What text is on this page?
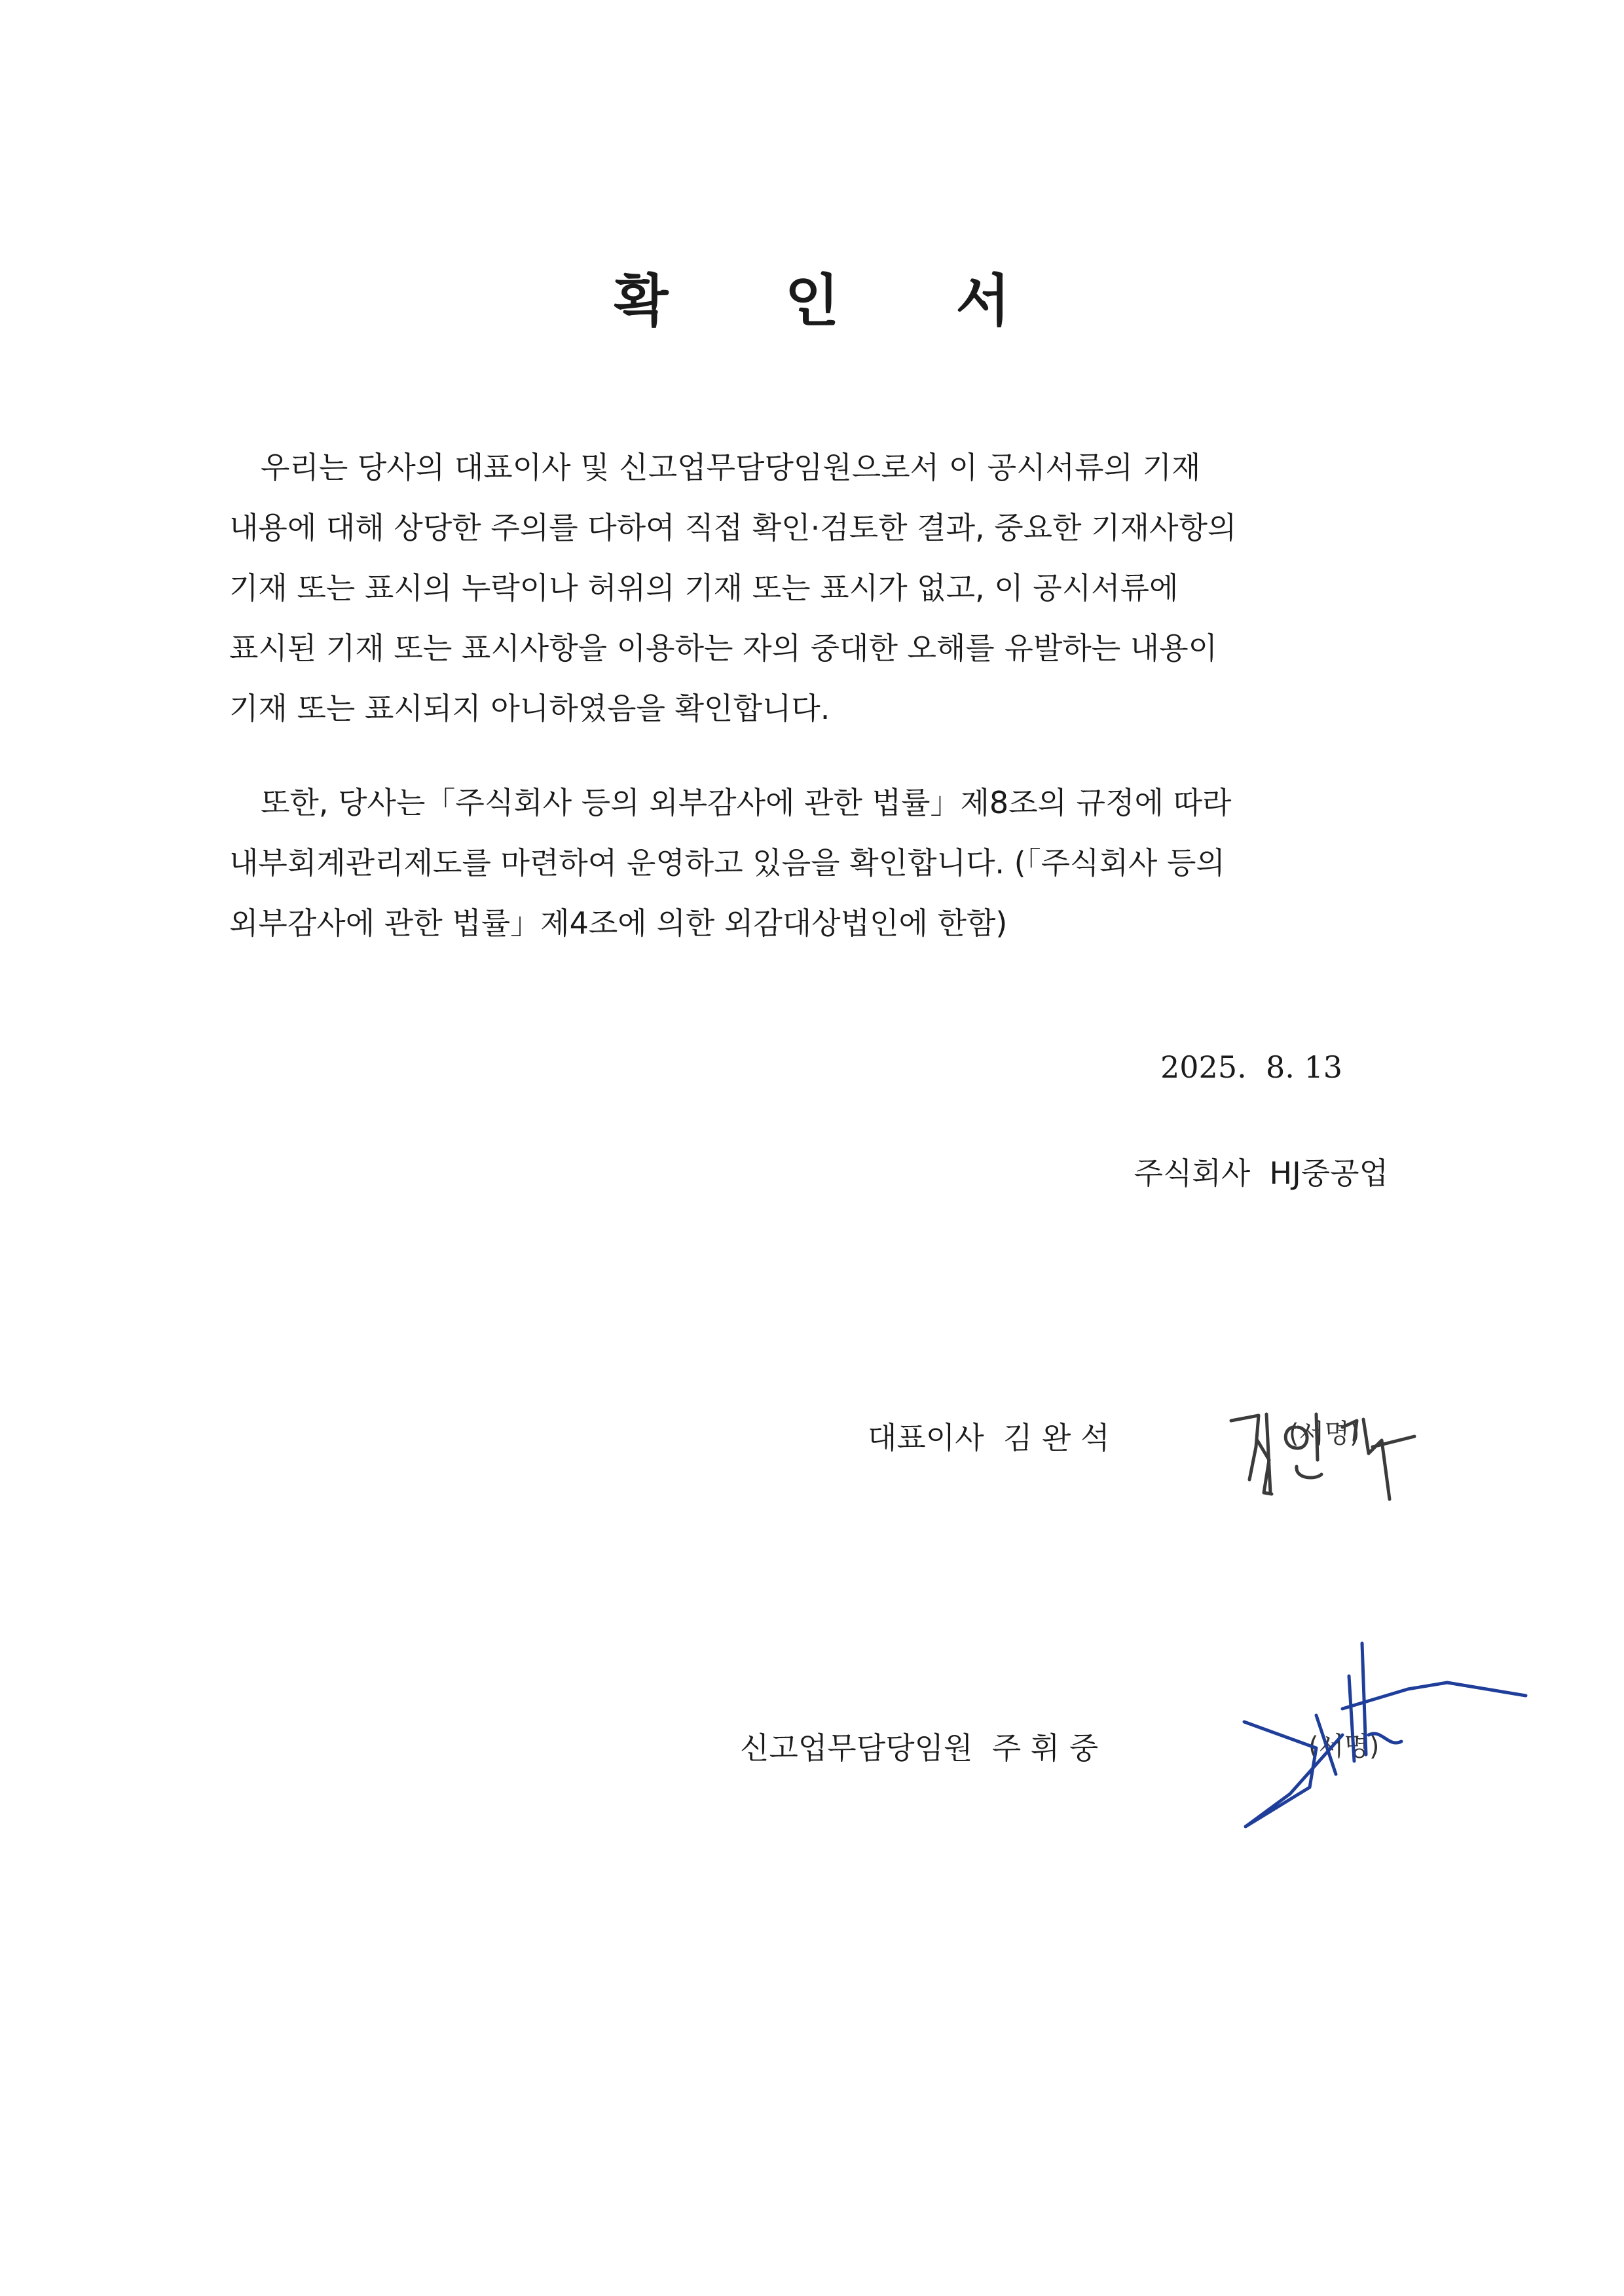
확 인 서
우리는 당사의 대표이사 및 신고업무담당임원으로서 이 공시서류의 기재
내용에 대해 상당한 주의를 다하여 직접 확인·검토한 결과, 중요한 기재사항의
기재 또는 표시의 누락이나 허위의 기재 또는 표시가 없고, 이 공시서류에
표시된 기재 또는 표시사항을 이용하는 자의 중대한 오해를 유발하는 내용이
기재 또는 표시되지 아니하였음을 확인합니다.
또한, 당사는「주식회사 등의 외부감사에 관한 법률」제8조의 규정에 따라
내부회계관리제도를 마련하여 운영하고 있음을 확인합니다. (「주식회사 등의
외부감사에 관한 법률」제4조에 의한 외감대상법인에 한함)
2025.  8. 13
주식회사  HJ중공업
대표이사  김 완 석	(서명)
신고업무담당임원  주 휘 중	(서명)
